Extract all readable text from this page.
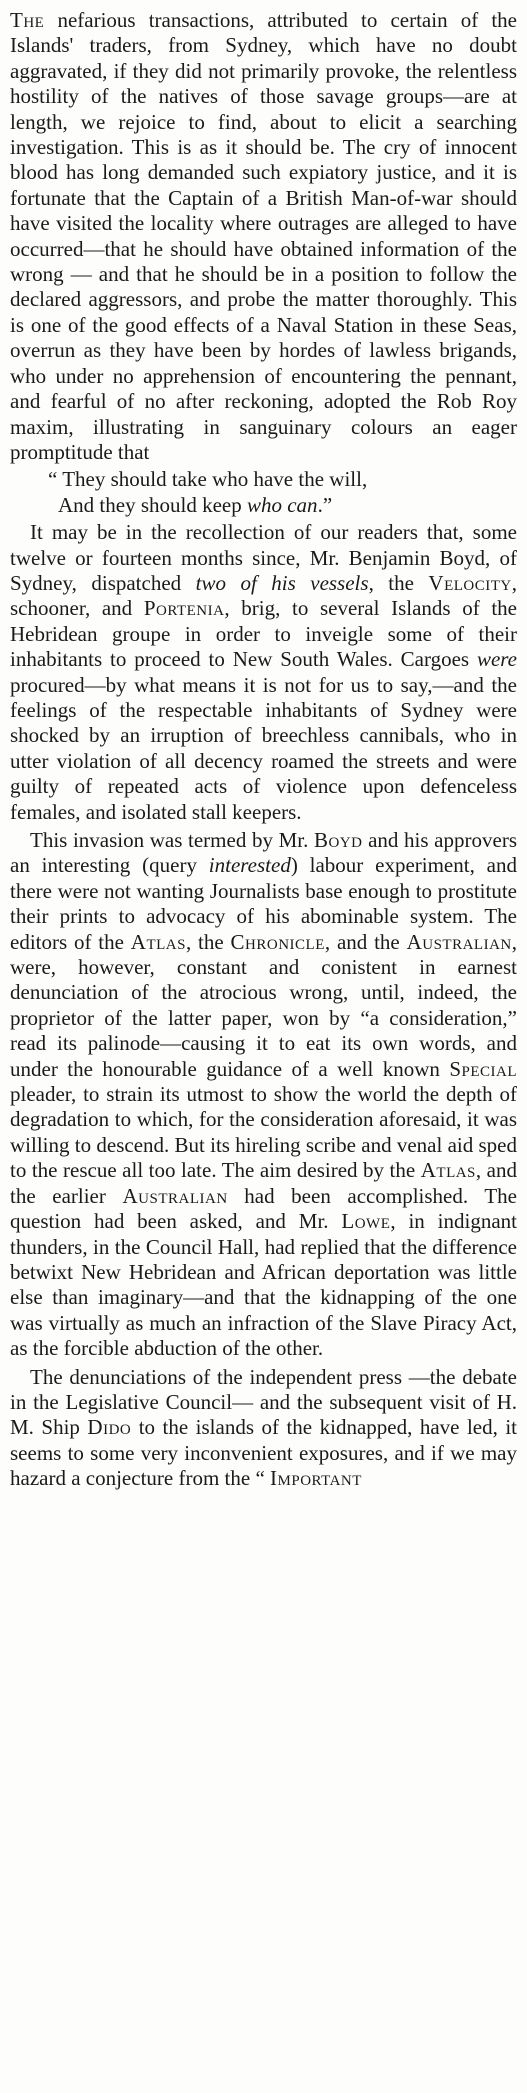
The nefarious transactions, attributed to certain of the Islands' traders, from Sydney, which have no doubt aggravated, if they did not primarily provoke, the relentless hostility of the natives of those savage groups—are at length, we rejoice to find, about to elicit a searching investigation. This is as it should be. The cry of innocent blood has long demanded such expiatory justice, and it is fortunate that the Captain of a British Man-of-war should have visited the locality where outrages are alleged to have occurred—that he should have obtained information of the wrong — and that he should be in a position to follow the declared aggressors, and probe the matter thoroughly. This is one of the good effects of a Naval Station in these Seas, overrun as they have been by hordes of lawless brigands, who under no apprehension of encountering the pennant, and fearful of no after reckoning, adopted the Rob Roy maxim, illustrating in sanguinary colours an eager promptitude that

“ They should take who have the will,
And they should keep who can.”

It may be in the recollection of our readers that, some twelve or fourteen months since, Mr. Benjamin Boyd, of Sydney, dispatched two of his vessels, the Velocity, schooner, and Portenia, brig, to several Islands of the Hebridean groupe in order to inveigle some of their inhabitants to proceed to New South Wales. Cargoes were procured—by what means it is not for us to say,—and the feelings of the respectable inhabitants of Sydney were shocked by an irruption of breechless cannibals, who in utter violation of all decency roamed the streets and were guilty of repeated acts of violence upon defenceless females, and isolated stall keepers.

This invasion was termed by Mr. Boyd and his approvers an interesting (query interested) labour experiment, and there were not wanting Journalists base enough to prostitute their prints to advocacy of his abominable system. The editors of the Atlas, the Chronicle, and the Australian, were, however, constant and conistent in earnest denunciation of the atrocious wrong, until, indeed, the proprietor of the latter paper, won by “a consideration,” read its palinode—causing it to eat its own words, and under the honourable guidance of a well known Special pleader, to strain its utmost to show the world the depth of degradation to which, for the consideration aforesaid, it was willing to descend. But its hireling scribe and venal aid sped to the rescue all too late. The aim desired by the Atlas, and the earlier Australian had been accomplished. The question had been asked, and Mr. Lowe, in indignant thunders, in the Council Hall, had replied that the difference betwixt New Hebridean and African deportation was little else than imaginary—and that the kidnapping of the one was virtually as much an infraction of the Slave Piracy Act, as the forcible abduction of the other.

The denunciations of the independent press —the debate in the Legislative Council— and the subsequent visit of H. M. Ship Dido to the islands of the kidnapped, have led, it seems to some very inconvenient exposures, and if we may hazard a conjecture from the “ Important
